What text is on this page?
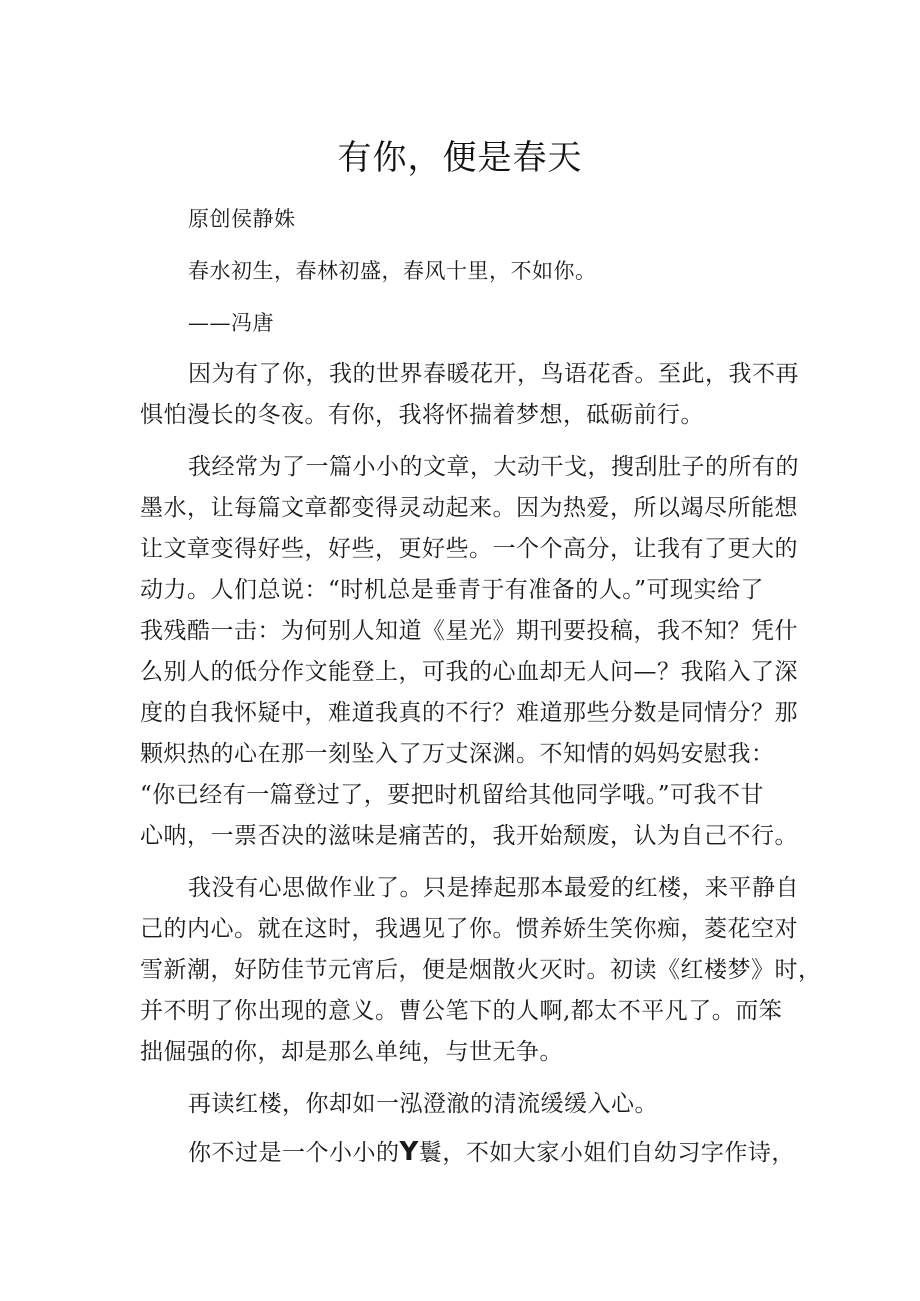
有你，便是春天
原创侯静姝
春水初生，春林初盛，春风十里，不如你。
——冯唐
因为有了你，我的世界春暖花开，鸟语花香。至此，我不再
惧怕漫长的冬夜。有你，我将怀揣着梦想，砥砺前行。
我经常为了一篇小小的文章，大动干戈，搜刮肚子的所有的
墨水，让每篇文章都变得灵动起来。因为热爱，所以竭尽所能想
让文章变得好些，好些，更好些。一个个高分，让我有了更大的
动力。人们总说：“时机总是垂青于有准备的人。”可现实给了
我残酷一击：为何别人知道《星光》期刊要投稿，我不知？凭什
么别人的低分作文能登上，可我的心血却无人问—？我陷入了深
度的自我怀疑中，难道我真的不行？难道那些分数是同情分？那
颗炽热的心在那一刻坠入了万丈深渊。不知情的妈妈安慰我：
“你已经有一篇登过了，要把时机留给其他同学哦。”可我不甘
心呐，一票否决的滋味是痛苦的，我开始颓废，认为自己不行。
我没有心思做作业了。只是捧起那本最爱的红楼，来平静自
己的内心。就在这时，我遇见了你。惯养娇生笑你痴，菱花空对
雪新潮，好防佳节元宵后，便是烟散火灭时。初读《红楼梦》时，
并不明了你出现的意义。曹公笔下的人啊,都太不平凡了。而笨
拙倔强的你，却是那么单纯，与世无争。
再读红楼，你却如一泓澄澈的清流缓缓入心。
你不过是一个小小的Y鬟，不如大家小姐们自幼习字作诗，
